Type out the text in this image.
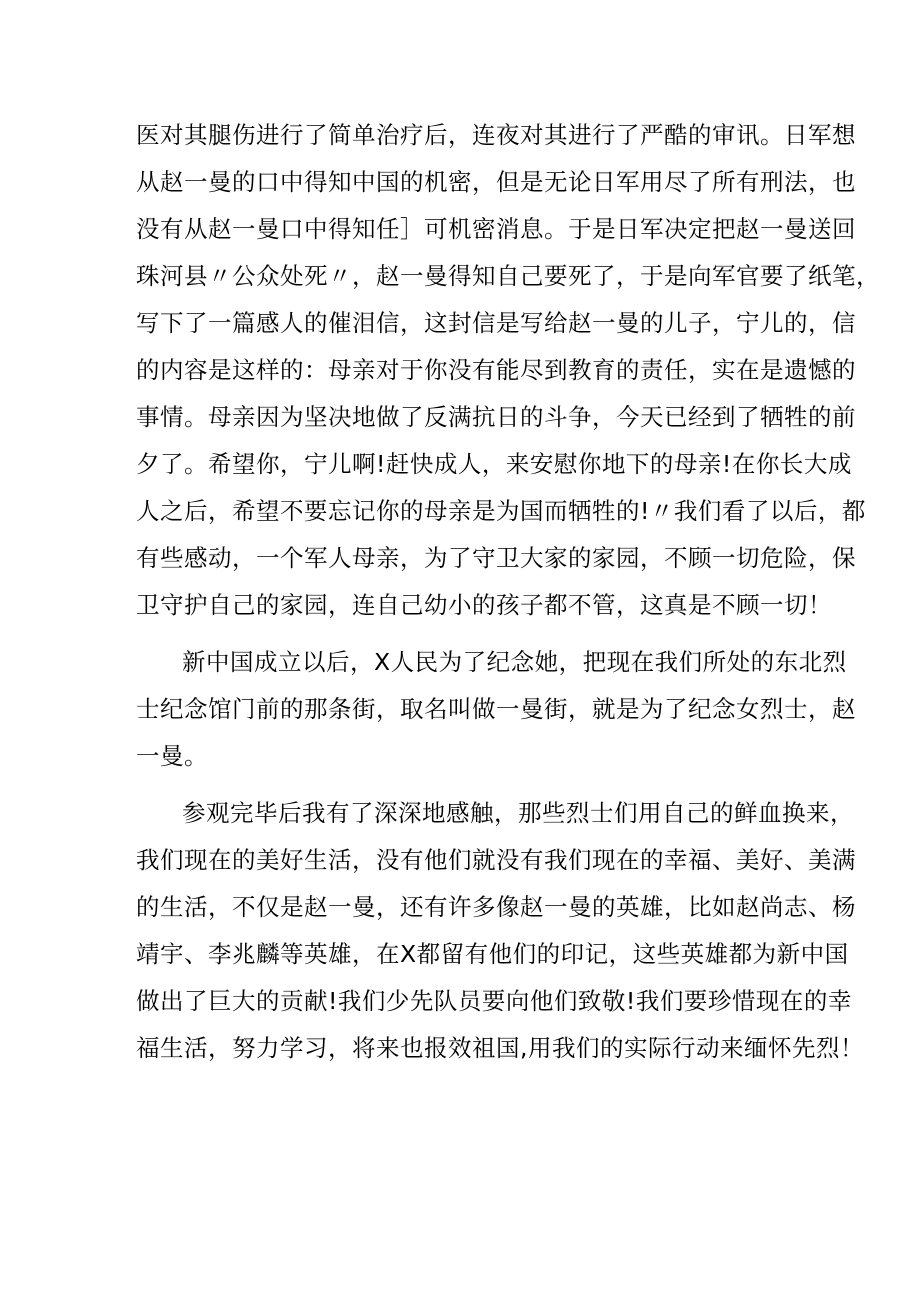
医对其腿伤进行了简单治疗后，连夜对其进行了严酷的审讯。日军想
从赵一曼的口中得知中国的机密，但是无论日军用尽了所有刑法，也
没有从赵一曼口中得知任］可机密消息。于是日军决定把赵一曼送回
珠河县〃公众处死〃，赵一曼得知自己要死了，于是向军官要了纸笔，
写下了一篇感人的催泪信，这封信是写给赵一曼的儿子，宁儿的，信
的内容是这样的：母亲对于你没有能尽到教育的责任，实在是遗憾的
事情。母亲因为坚决地做了反满抗日的斗争，今天已经到了牺牲的前
夕了。希望你，宁儿啊!赶快成人，来安慰你地下的母亲!在你长大成
人之后，希望不要忘记你的母亲是为国而牺牲的!〃我们看了以后，都
有些感动，一个军人母亲，为了守卫大家的家园，不顾一切危险，保
卫守护自己的家园，连自己幼小的孩子都不管，这真是不顾一切！
新中国成立以后，X人民为了纪念她，把现在我们所处的东北烈
士纪念馆门前的那条街，取名叫做一曼街，就是为了纪念女烈士，赵
一曼。
参观完毕后我有了深深地感触，那些烈士们用自己的鲜血换来，
我们现在的美好生活，没有他们就没有我们现在的幸福、美好、美满
的生活，不仅是赵一曼，还有许多像赵一曼的英雄，比如赵尚志、杨
靖宇、李兆麟等英雄，在X都留有他们的印记，这些英雄都为新中国
做出了巨大的贡献!我们少先队员要向他们致敬!我们要珍惜现在的幸
福生活，努力学习，将来也报效祖国,用我们的实际行动来缅怀先烈！
